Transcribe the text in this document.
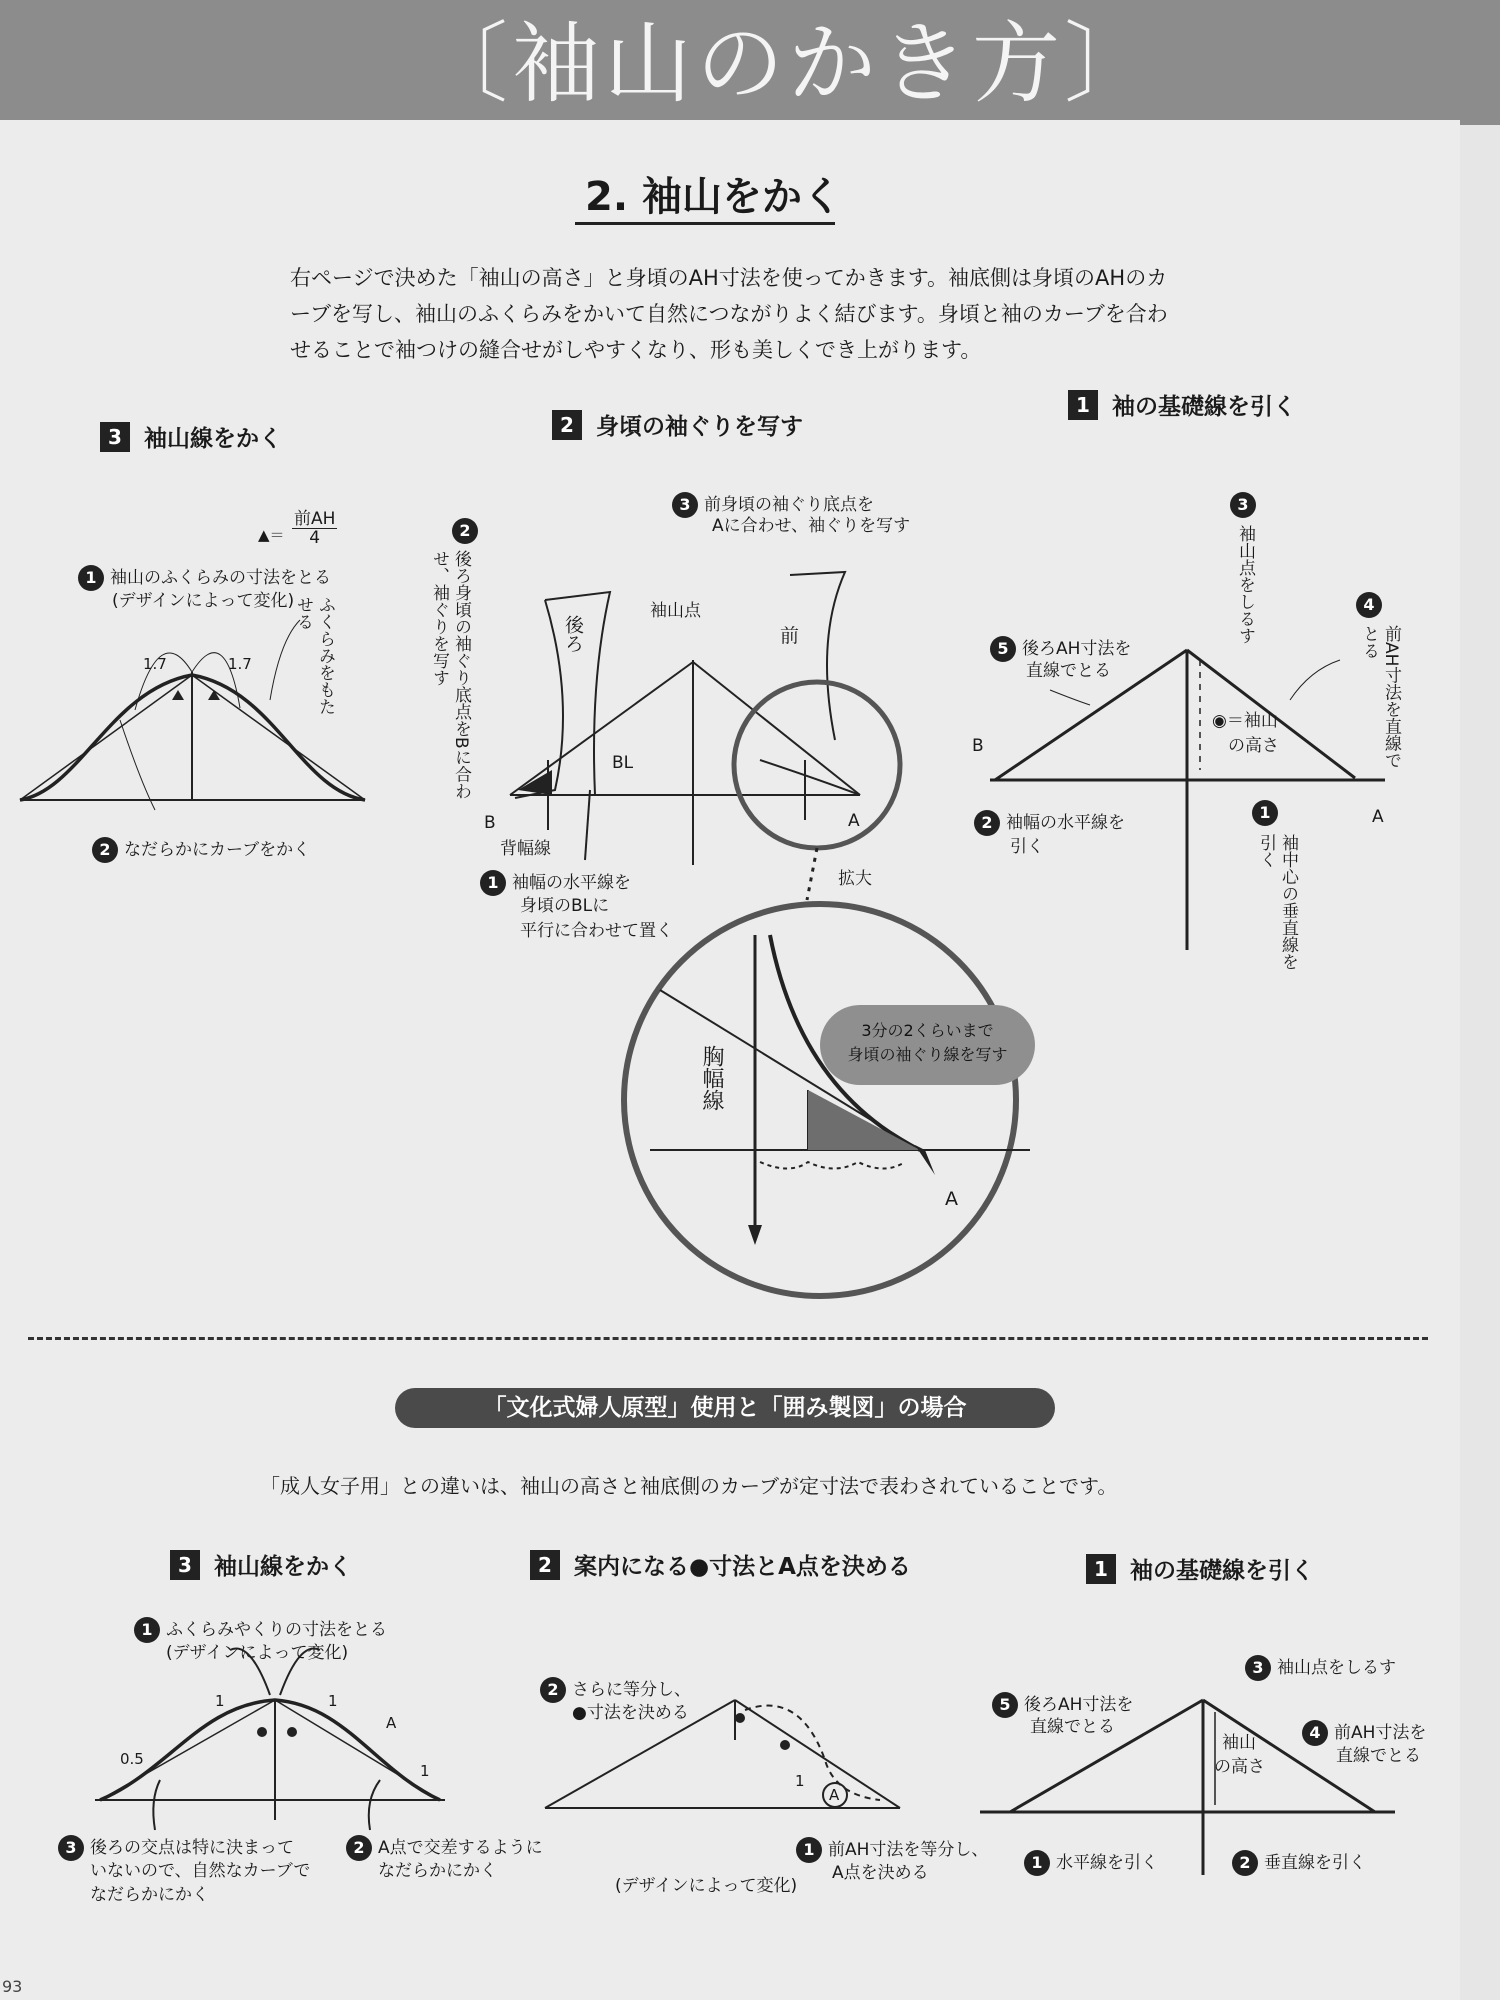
〔袖山のかき方〕
2. 袖山をかく
右ページで決めた「袖山の高さ」と身頃のAH寸法を使ってかきます。袖底側は身頃のAHのカーブを写し、袖山のふくらみをかいて自然につながりよく結びます。身頃と袖のカーブを合わせることで袖つけの縫合せがしやすくなり、形も美しくでき上がります。
3 袖山線をかく
2 身頃の袖ぐりを写す
1 袖の基礎線を引く
▲＝
前AH
4
1 袖山のふくらみの寸法をとる
(デザインによって変化)
1.7	1.7	ふくらみをもたせる
2 なだらかにカーブをかく
3 前身頃の袖ぐり底点を
Aに合わせ、袖ぐりを写す
2
後ろ身頃の袖ぐり底点をBに合わせ、袖ぐりを写す	後ろ	前
袖山点
BL
B	A
背幅線
1 袖幅の水平線を
身頃のBLに
平行に合わせて置く
拡大
3
袖山点をしるす	4
前AH寸法を直線でとる
5 後ろAH寸法を
直線でとる
◉＝袖山
の高さ
B
A
2 袖幅の水平線を
引く
1
袖中心の垂直線を引く
3分の2くらいまで
身頃の袖ぐり線を写す
胸幅線
A
「文化式婦人原型」使用と「囲み製図」の場合
「成人女子用」との違いは、袖山の高さと袖底側のカーブが定寸法で表わされていることです。
3 袖山線をかく	2 案内になる●寸法とA点を決める	1 袖の基礎線を引く
1 ふくらみやくりの寸法をとる
(デザインによって変化)
0.5
1	1
1
A
3 後ろの交点は特に決まって
いないので、自然なカーブで
なだらかにかく
2 A点で交差するように
なだらかにかく
2 さらに等分し、
●寸法を決める
1
A
1 前AH寸法を等分し、
A点を決める
(デザインによって変化)
3 袖山点をしるす
5 後ろAH寸法を
直線でとる	4 前AH寸法を
直線でとる
袖山
の高さ
1 水平線を引く	2 垂直線を引く
93
